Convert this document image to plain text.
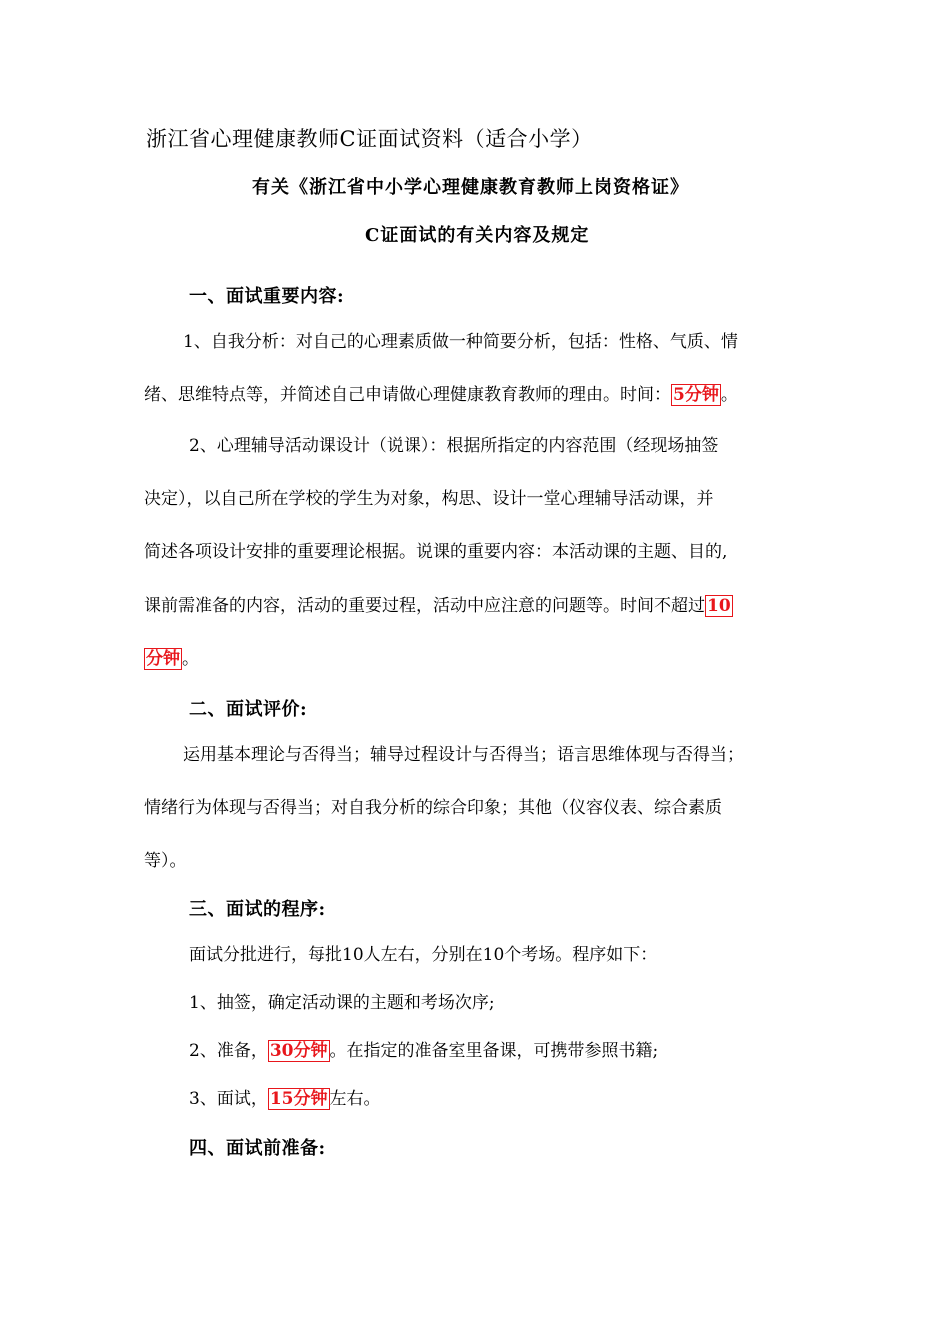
浙江省心理健康教师C证面试资料（适合小学）
有关《浙江省中小学心理健康教育教师上岗资格证》
C证面试的有关内容及规定
一、面试重要内容:
1、自我分析：对自己的心理素质做一种简要分析，包括：性格、气质、情
绪、思维特点等，并简述自己申请做心理健康教育教师的理由。时间： 5分钟 。
2、心理辅导活动课设计（说课）：根据所指定的内容范围（经现场抽签
决定），以自己所在学校的学生为对象，构思、设计一堂心理辅导活动课，并
简述各项设计安排的重要理论根据。说课的重要内容：本活动课的主题、目的,
课前需准备的内容，活动的重要过程，活动中应注意的问题等。时间不超过 10
分钟 。
二、面试评价:
运用基本理论与否得当；辅导过程设计与否得当；语言思维体现与否得当；
情绪行为体现与否得当；对自我分析的综合印象；其他（仪容仪表、综合素质
等）。
三、面试的程序:
面试分批进行，每批10人左右，分别在10个考场。程序如下：
1、抽签，确定活动课的主题和考场次序;
2、准备， 30分钟 。在指定的准备室里备课，可携带参照书籍;
3、面试， 15分钟 左右。
四、面试前准备:
